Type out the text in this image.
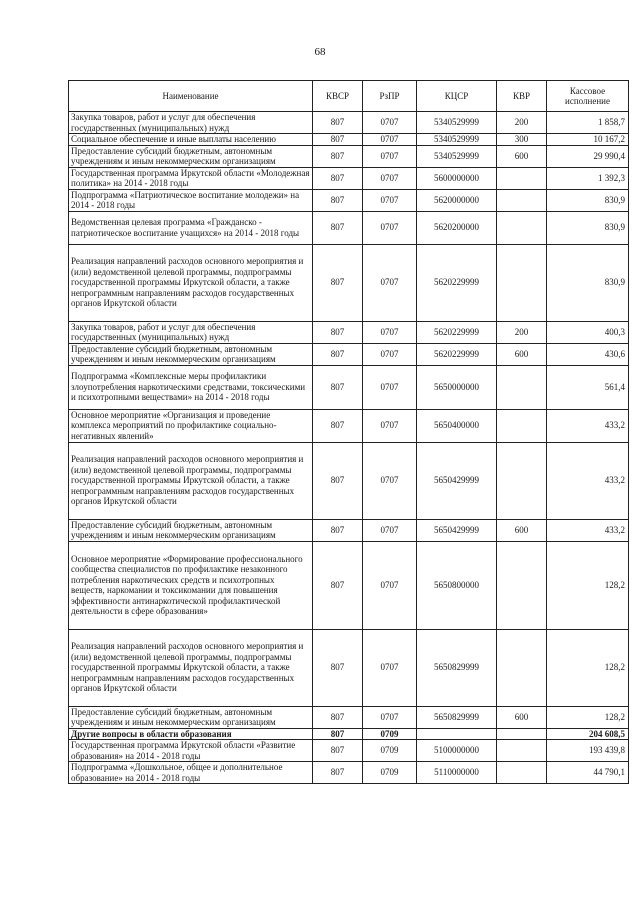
68
Наименование	КВСР	РзПР	КЦСР	КВР	Кассовое исполнение
Закупка товаров, работ и услуг для обеспечения государственных (муниципальных) нужд	807	0707	5340529999	200	1 858,7
Социальное обеспечение и иные выплаты населению	807	0707	5340529999	300	10 167,2
Предоставление субсидий бюджетным, автономным учреждениям и иным некоммерческим организациям	807	0707	5340529999	600	29 990,4
Государственная программа Иркутской области «Молодежная политика» на 2014 - 2018 годы	807	0707	5600000000		1 392,3
Подпрограмма «Патриотическое воспитание молодежи» на 2014 - 2018 годы	807	0707	5620000000		830,9
Ведомственная целевая программа «Гражданско - патриотическое воспитание учащихся» на 2014 - 2018 годы	807	0707	5620200000		830,9
Реализация направлений расходов основного мероприятия и (или) ведомственной целевой программы, подпрограммы государственной программы Иркутской области, а также непрограммным направлениям расходов государственных органов Иркутской области	807	0707	5620229999		830,9
Закупка товаров, работ и услуг для обеспечения государственных (муниципальных) нужд	807	0707	5620229999	200	400,3
Предоставление субсидий бюджетным, автономным учреждениям и иным некоммерческим организациям	807	0707	5620229999	600	430,6
Подпрограмма «Комплексные меры профилактики злоупотребления наркотическими средствами, токсическими и психотропными веществами» на 2014 - 2018 годы	807	0707	5650000000		561,4
Основное мероприятие «Организация и проведение комплекса мероприятий по профилактике социально-негативных явлений»	807	0707	5650400000		433,2
Реализация направлений расходов основного мероприятия и (или) ведомственной целевой программы, подпрограммы государственной программы Иркутской области, а также непрограммным направлениям расходов государственных органов Иркутской области	807	0707	5650429999		433,2
Предоставление субсидий бюджетным, автономным учреждениям и иным некоммерческим организациям	807	0707	5650429999	600	433,2
Основное мероприятие «Формирование профессионального сообщества специалистов по профилактике незаконного потребления наркотических средств и психотропных веществ, наркомании и токсикомании для повышения эффективности антинаркотической профилактической деятельности в сфере образования»	807	0707	5650800000		128,2
Реализация направлений расходов основного мероприятия и (или) ведомственной целевой программы, подпрограммы государственной программы Иркутской области, а также непрограммным направлениям расходов государственных органов Иркутской области	807	0707	5650829999		128,2
Предоставление субсидий бюджетным, автономным учреждениям и иным некоммерческим организациям	807	0707	5650829999	600	128,2
Другие вопросы в области образования	807	0709			204 608,5
Государственная программа Иркутской области «Развитие образования» на 2014 - 2018 годы	807	0709	5100000000		193 439,8
Подпрограмма «Дошкольное, общее и дополнительное образование» на 2014 - 2018 годы	807	0709	5110000000		44 790,1
